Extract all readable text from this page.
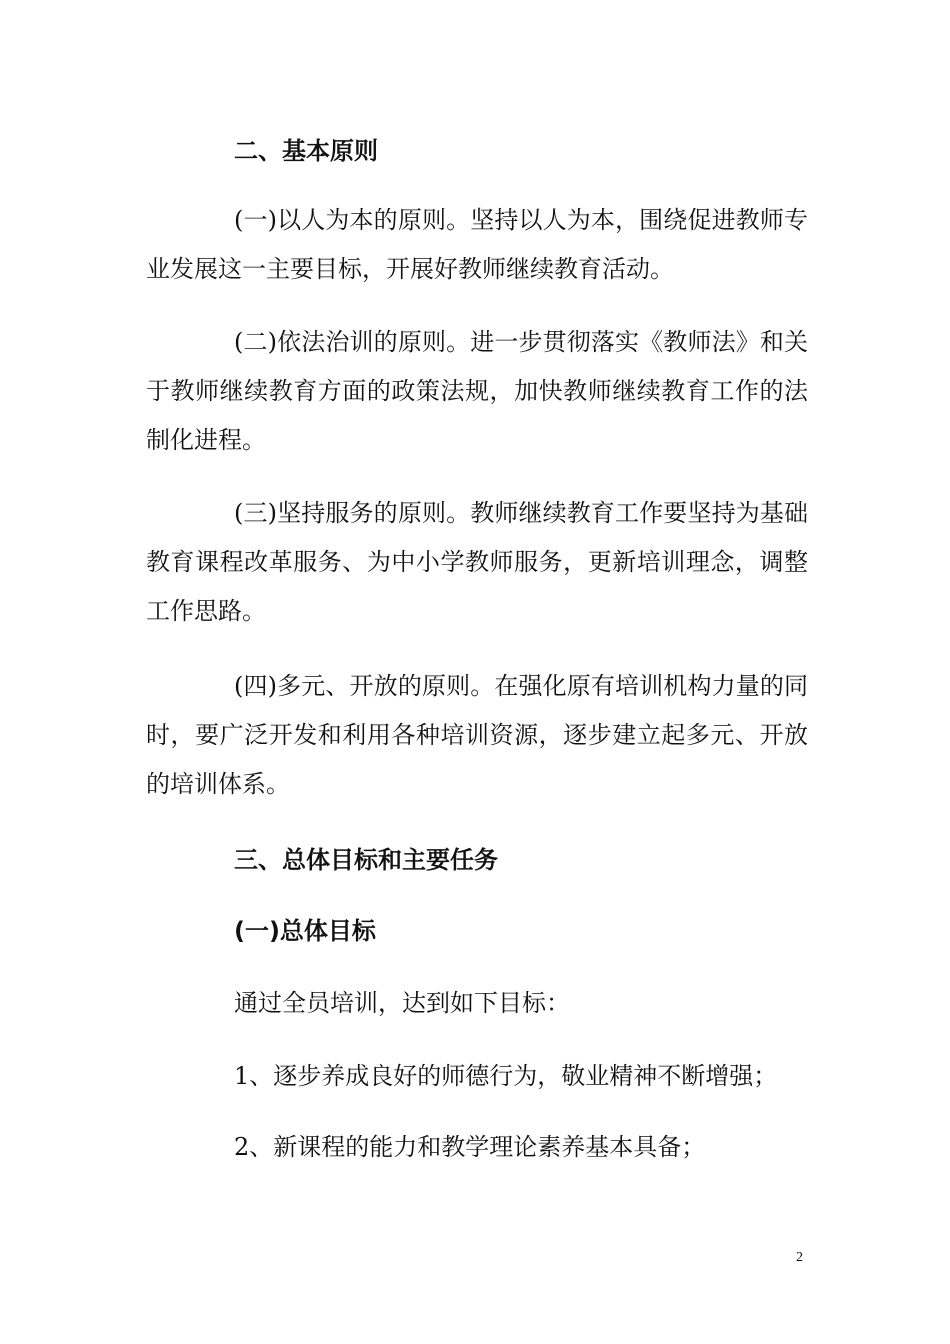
二、基本原则

(一)以人为本的原则。坚持以人为本，围绕促进教师专业发展这一主要目标，开展好教师继续教育活动。

(二)依法治训的原则。进一步贯彻落实《教师法》和关于教师继续教育方面的政策法规，加快教师继续教育工作的法制化进程。

(三)坚持服务的原则。教师继续教育工作要坚持为基础教育课程改革服务、为中小学教师服务，更新培训理念，调整工作思路。

(四)多元、开放的原则。在强化原有培训机构力量的同时，要广泛开发和利用各种培训资源，逐步建立起多元、开放的培训体系。

三、总体目标和主要任务
(一)总体目标

通过全员培训，达到如下目标：

1、逐步养成良好的师德行为，敬业精神不断增强；

2、新课程的能力和教学理论素养基本具备；

2
